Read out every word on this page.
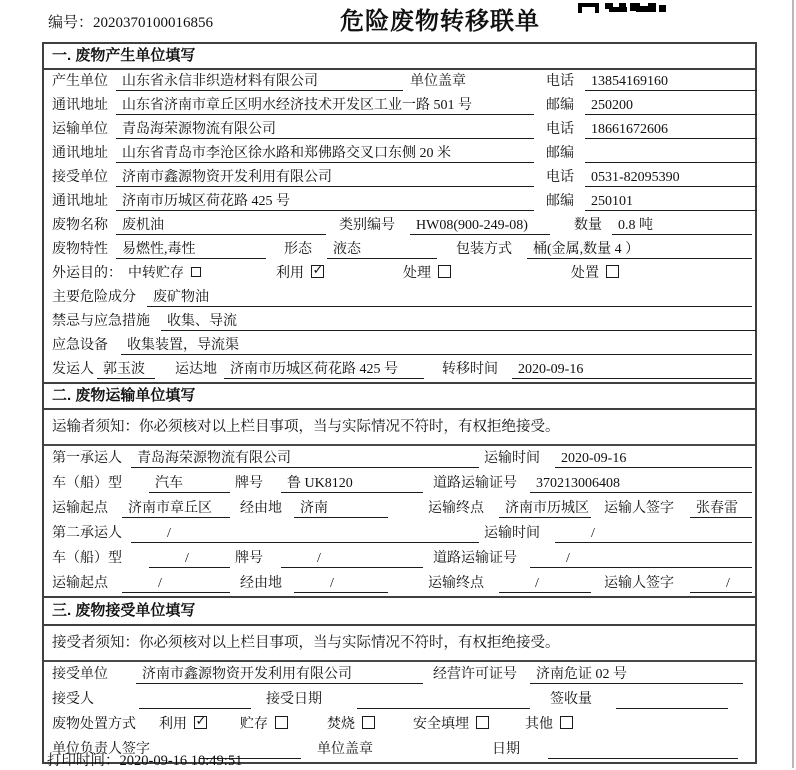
编号：2020370100016856	危险废物转移联单
一. 废物产生单位填写
产生单位	山东省永信非织造材料有限公司	单位盖章	电话	13854169160
通讯地址	山东省济南市章丘区明水经济技术开发区工业一路 501 号	邮编	250200
运输单位	青岛海荣源物流有限公司	电话	18661672606
通讯地址	山东省青岛市李沧区徐水路和郑佛路交叉口东侧 20 米	邮编
接受单位	济南市鑫源物资开发利用有限公司	电话	0531-82095390
通讯地址	济南市历城区荷花路 425 号	邮编	250101
废物名称	废机油	类别编号	HW08(900-249-08)	数量	0.8 吨
废物特性	易燃性,毒性	形态	液态	包装方式	桶(金属,数量 4 ）
外运目的： 中转贮存	利用 ✓	处理	处置
主要危险成分	废矿物油
禁忌与应急措施	收集、导流
应急设备	收集装置，导流渠
发运人 郭玉波	运达地 济南市历城区荷花路 425 号	转移时间	2020-09-16
二. 废物运输单位填写
运输者须知：你必须核对以上栏目事项，当与实际情况不符时，有权拒绝接受。
第一承运人	青岛海荣源物流有限公司	运输时间	2020-09-16
车（船）型	汽车	牌号	鲁 UK8120	道路运输证号	370213006408
运输起点	济南市章丘区	经由地	济南	运输终点	济南市历城区 运输人签字	张春雷
第二承运人	/	运输时间	/
车（船）型	/	牌号	/	道路运输证号	/
运输起点	/	经由地	/	运输终点	/	运输人签字	/
三. 废物接受单位填写
接受者须知：你必须核对以上栏目事项，当与实际情况不符时，有权拒绝接受。
接受单位	济南市鑫源物资开发利用有限公司	经营许可证号	济南危证 02 号
接受人	接受日期	签收量
废物处置方式 利用 ✓	贮存	焚烧	安全填埋	其他
单位负责人签字	单位盖章	日期
打印时间：2020-09-16 10:49:51
